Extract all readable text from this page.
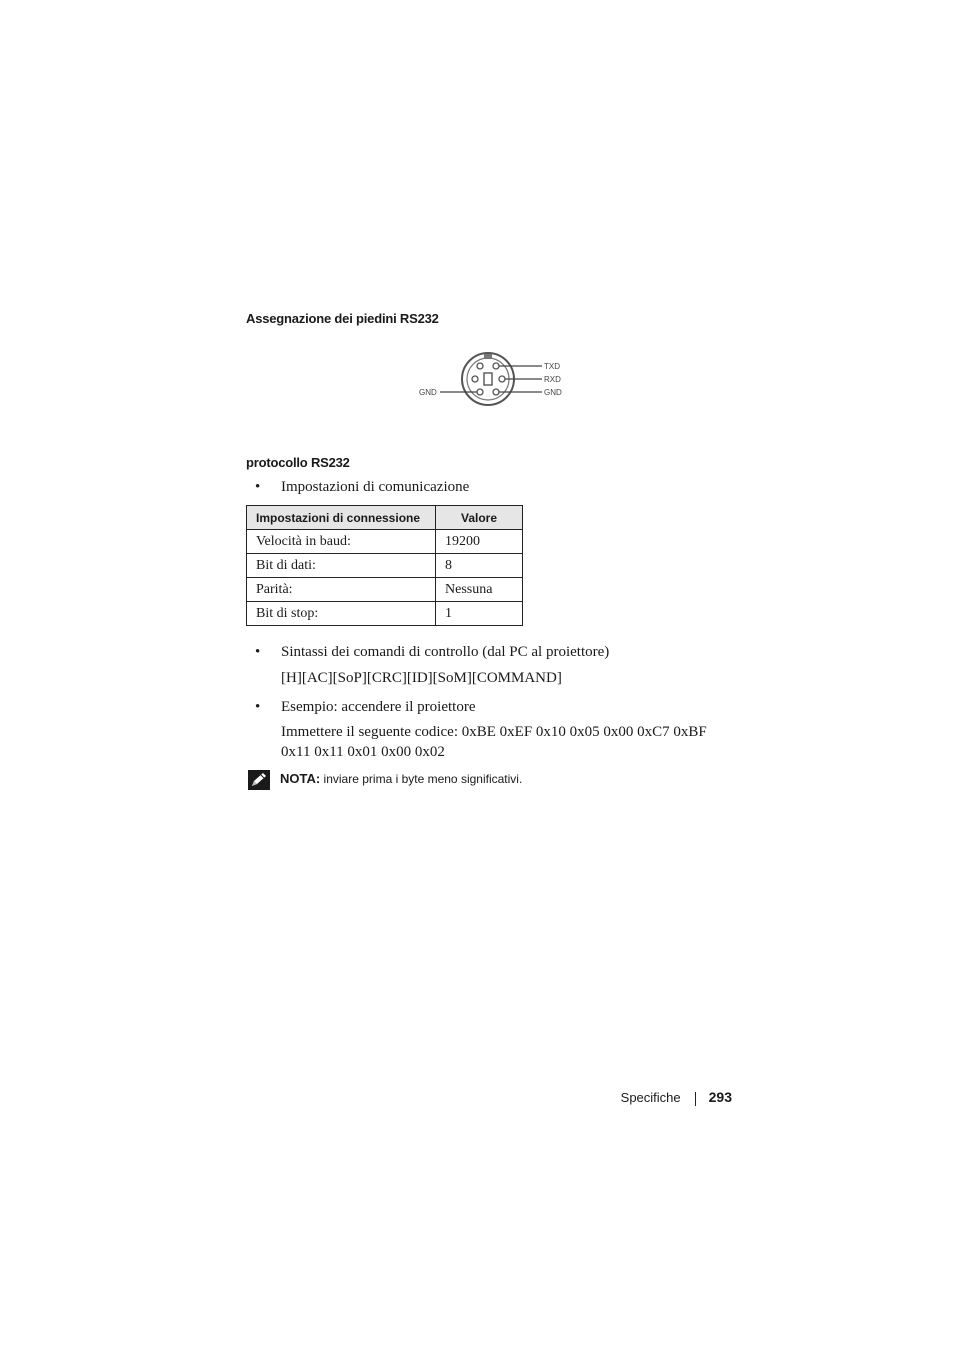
Assegnazione dei piedini RS232
TXD
RXD
GND
GND
protocollo RS232
• Impostazioni di comunicazione
Impostazioni di connessione	Valore
Velocità in baud:	19200
Bit di dati:	8
Parità:	Nessuna
Bit di stop:	1
• Sintassi dei comandi di controllo (dal PC al proiettore)
[H][AC][SoP][CRC][ID][SoM][COMMAND]
• Esempio: accendere il proiettore
Immettere il seguente codice: 0xBE 0xEF 0x10 0x05 0x00 0xC7 0xBF
0x11 0x11 0x01 0x00 0x02
NOTA: inviare prima i byte meno significativi.
Specifiche 293
